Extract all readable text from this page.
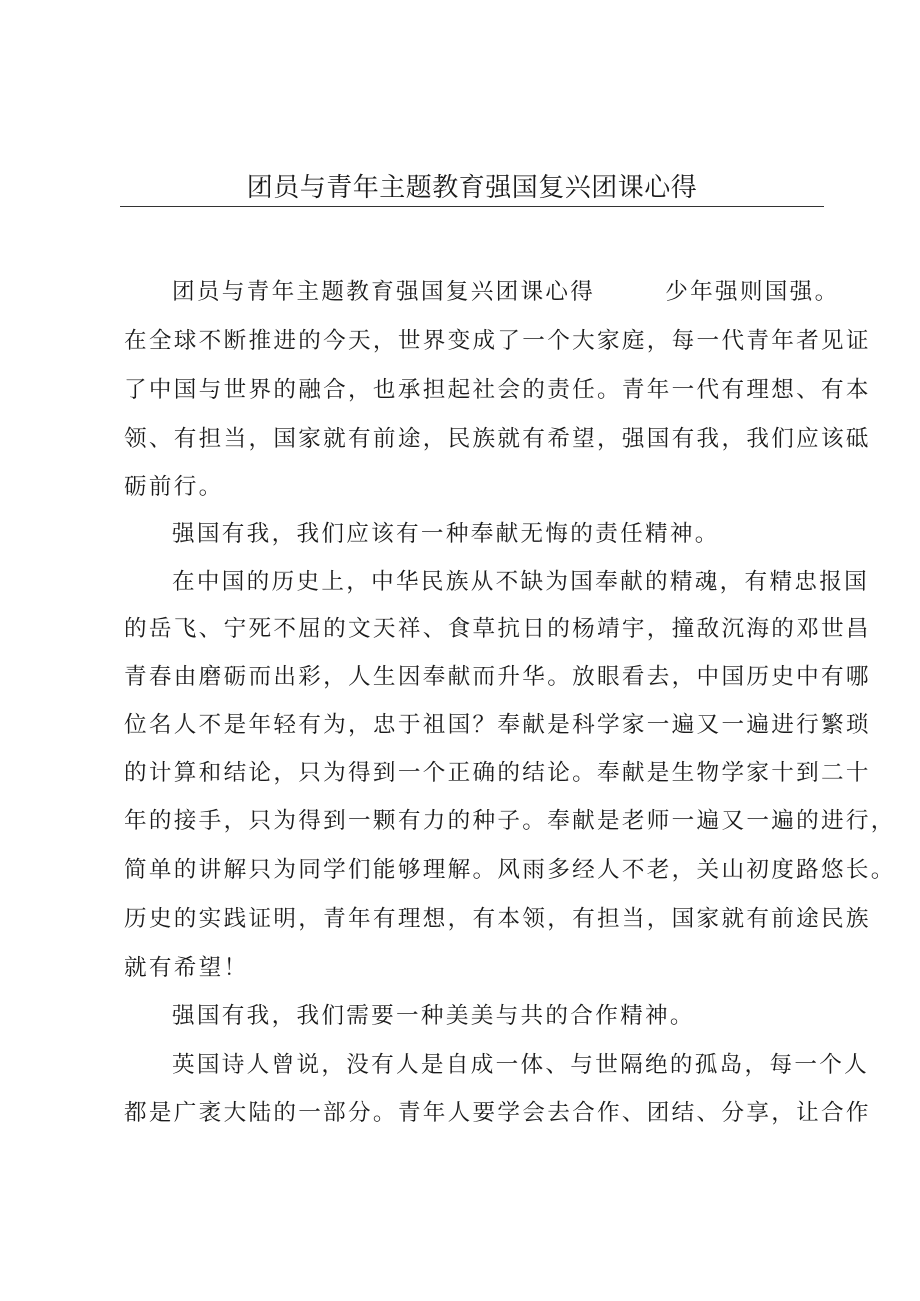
团员与青年主题教育强国复兴团课心得
团员与青年主题教育强国复兴团课心得	少年强则国强。
在全球不断推进的今天，世界变成了一个大家庭，每一代青年者见证
了中国与世界的融合，也承担起社会的责任。青年一代有理想、有本
领、有担当，国家就有前途，民族就有希望，强国有我，我们应该砥
砺前行。
强国有我，我们应该有一种奉献无悔的责任精神。
在中国的历史上，中华民族从不缺为国奉献的精魂，有精忠报国
的岳飞、宁死不屈的文天祥、食草抗日的杨靖宇，撞敌沉海的邓世昌
青春由磨砺而出彩，人生因奉献而升华。放眼看去，中国历史中有哪
位名人不是年轻有为，忠于祖国？奉献是科学家一遍又一遍进行繁琐
的计算和结论，只为得到一个正确的结论。奉献是生物学家十到二十
年的接手，只为得到一颗有力的种子。奉献是老师一遍又一遍的进行，
简单的讲解只为同学们能够理解。风雨多经人不老，关山初度路悠长。
历史的实践证明，青年有理想，有本领，有担当，国家就有前途民族
就有希望！
强国有我，我们需要一种美美与共的合作精神。
英国诗人曾说，没有人是自成一体、与世隔绝的孤岛，每一个人
都是广袤大陆的一部分。青年人要学会去合作、团结、分享，让合作
